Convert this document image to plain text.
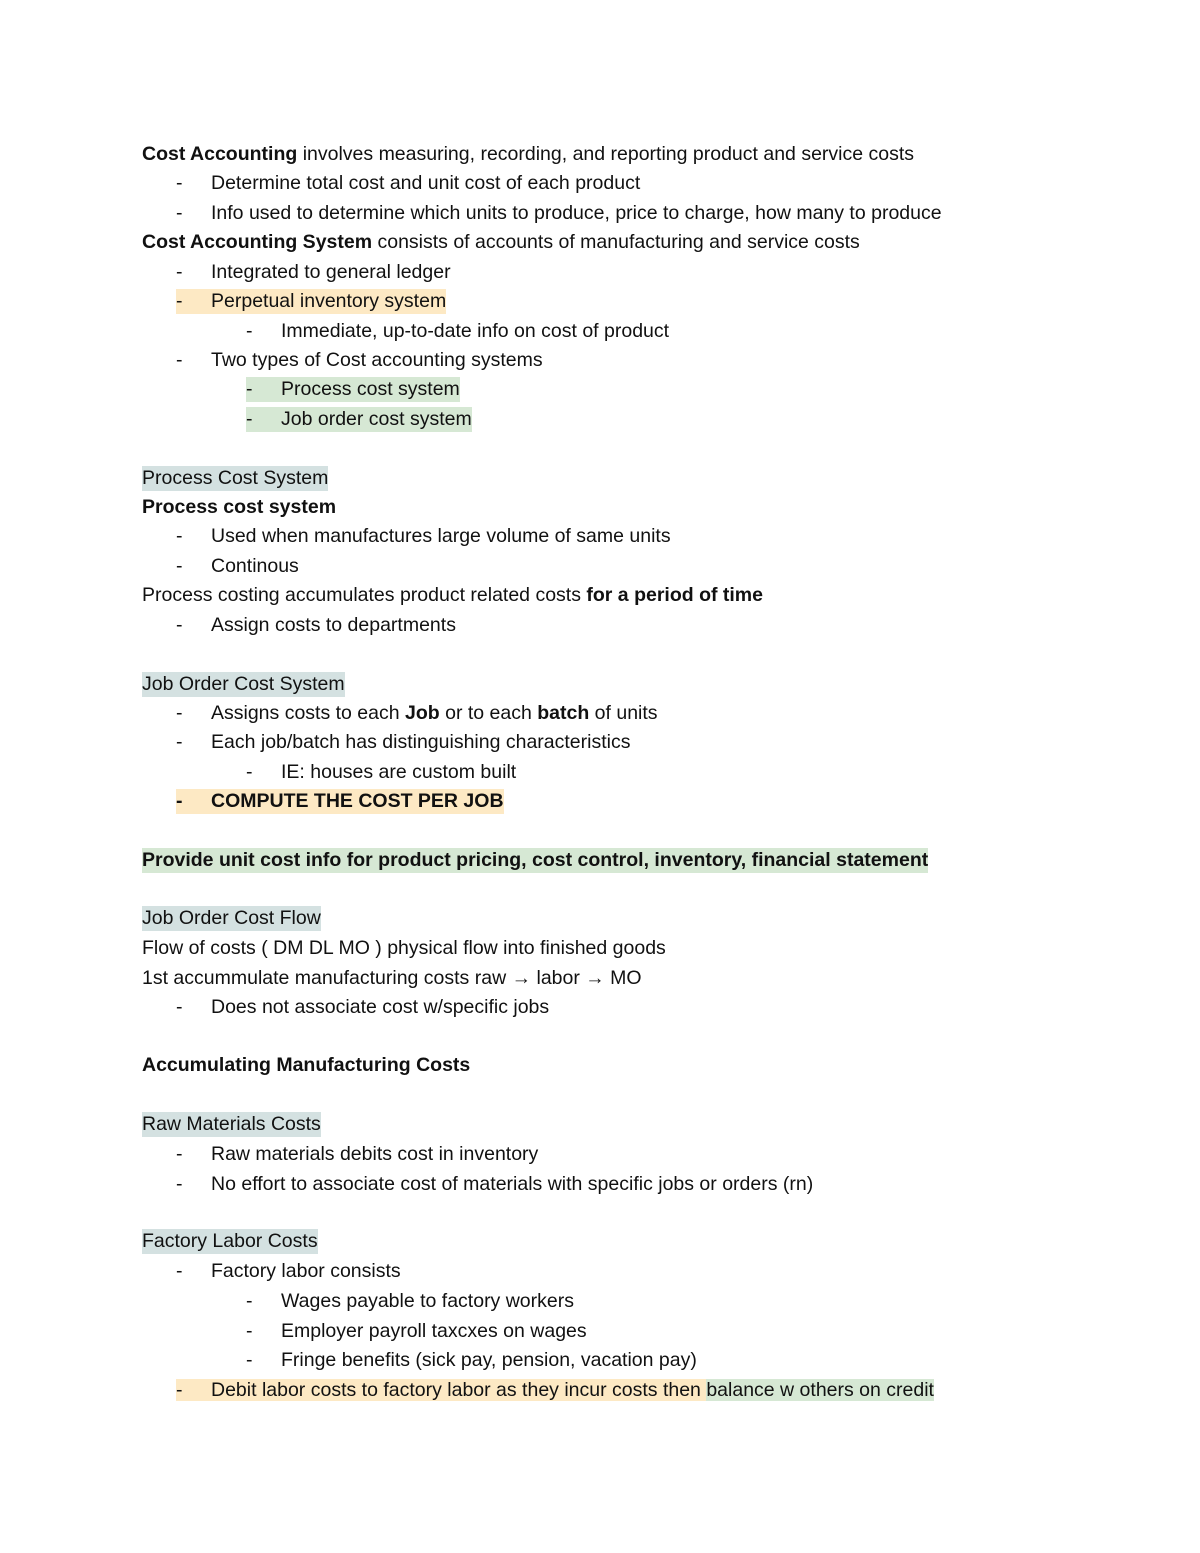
Cost Accounting involves measuring, recording, and reporting product and service costs
- Determine total cost and unit cost of each product
- Info used to determine which units to produce, price to charge, how many to produce
Cost Accounting System consists of accounts of manufacturing and service costs
- Integrated to general ledger
- Perpetual inventory system
- Immediate, up-to-date info on cost of product
- Two types of Cost accounting systems
- Process cost system
- Job order cost system
Process Cost System
Process cost system
- Used when manufactures large volume of same units
- Continous
Process costing accumulates product related costs for a period of time
- Assign costs to departments
Job Order Cost System
- Assigns costs to each Job or to each batch of units
- Each job/batch has distinguishing characteristics
- IE: houses are custom built
- COMPUTE THE COST PER JOB
Provide unit cost info for product pricing, cost control, inventory, financial statement
Job Order Cost Flow
Flow of costs ( DM DL MO ) physical flow into finished goods
1st accummulate manufacturing costs raw → labor → MO
- Does not associate cost w/specific jobs
Accumulating Manufacturing Costs
Raw Materials Costs
- Raw materials debits cost in inventory
- No effort to associate cost of materials with specific jobs or orders (rn)
Factory Labor Costs
- Factory labor consists
- Wages payable to factory workers
- Employer payroll taxcxes on wages
- Fringe benefits (sick pay, pension, vacation pay)
- Debit labor costs to factory labor as they incur costs then balance w others on credit
